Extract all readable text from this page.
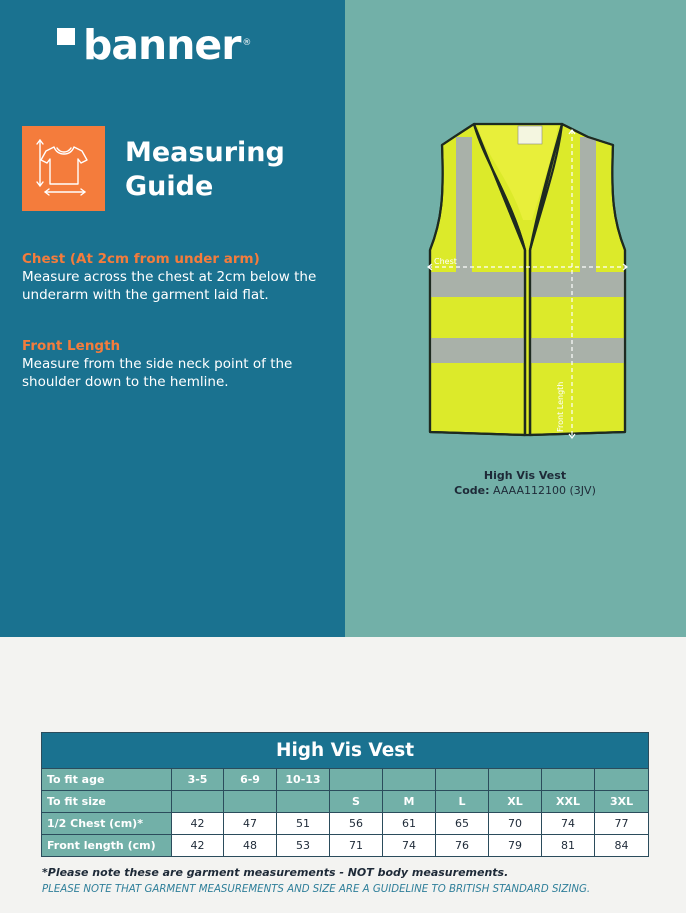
banner ®
Measuring
Guide
Chest (At 2cm from under arm)
Measure across the chest at 2cm below the underarm with the garment laid flat.
Front Length
Measure from the side neck point of the shoulder down to the hemline.
Chest
Front Length
High Vis Vest
Code: AAAA112100 (3JV)
High Vis Vest									
To fit age	3-5	6-9	10-13						
To fit size				S	M	L	XL	XXL	3XL
1/2 Chest (cm)*	42	47	51	56	61	65	70	74	77
Front length (cm)	42	48	53	71	74	76	79	81	84
*Please note these are garment measurements - NOT body measurements.
PLEASE NOTE THAT GARMENT MEASUREMENTS AND SIZE ARE A GUIDELINE TO BRITISH STANDARD SIZING.
